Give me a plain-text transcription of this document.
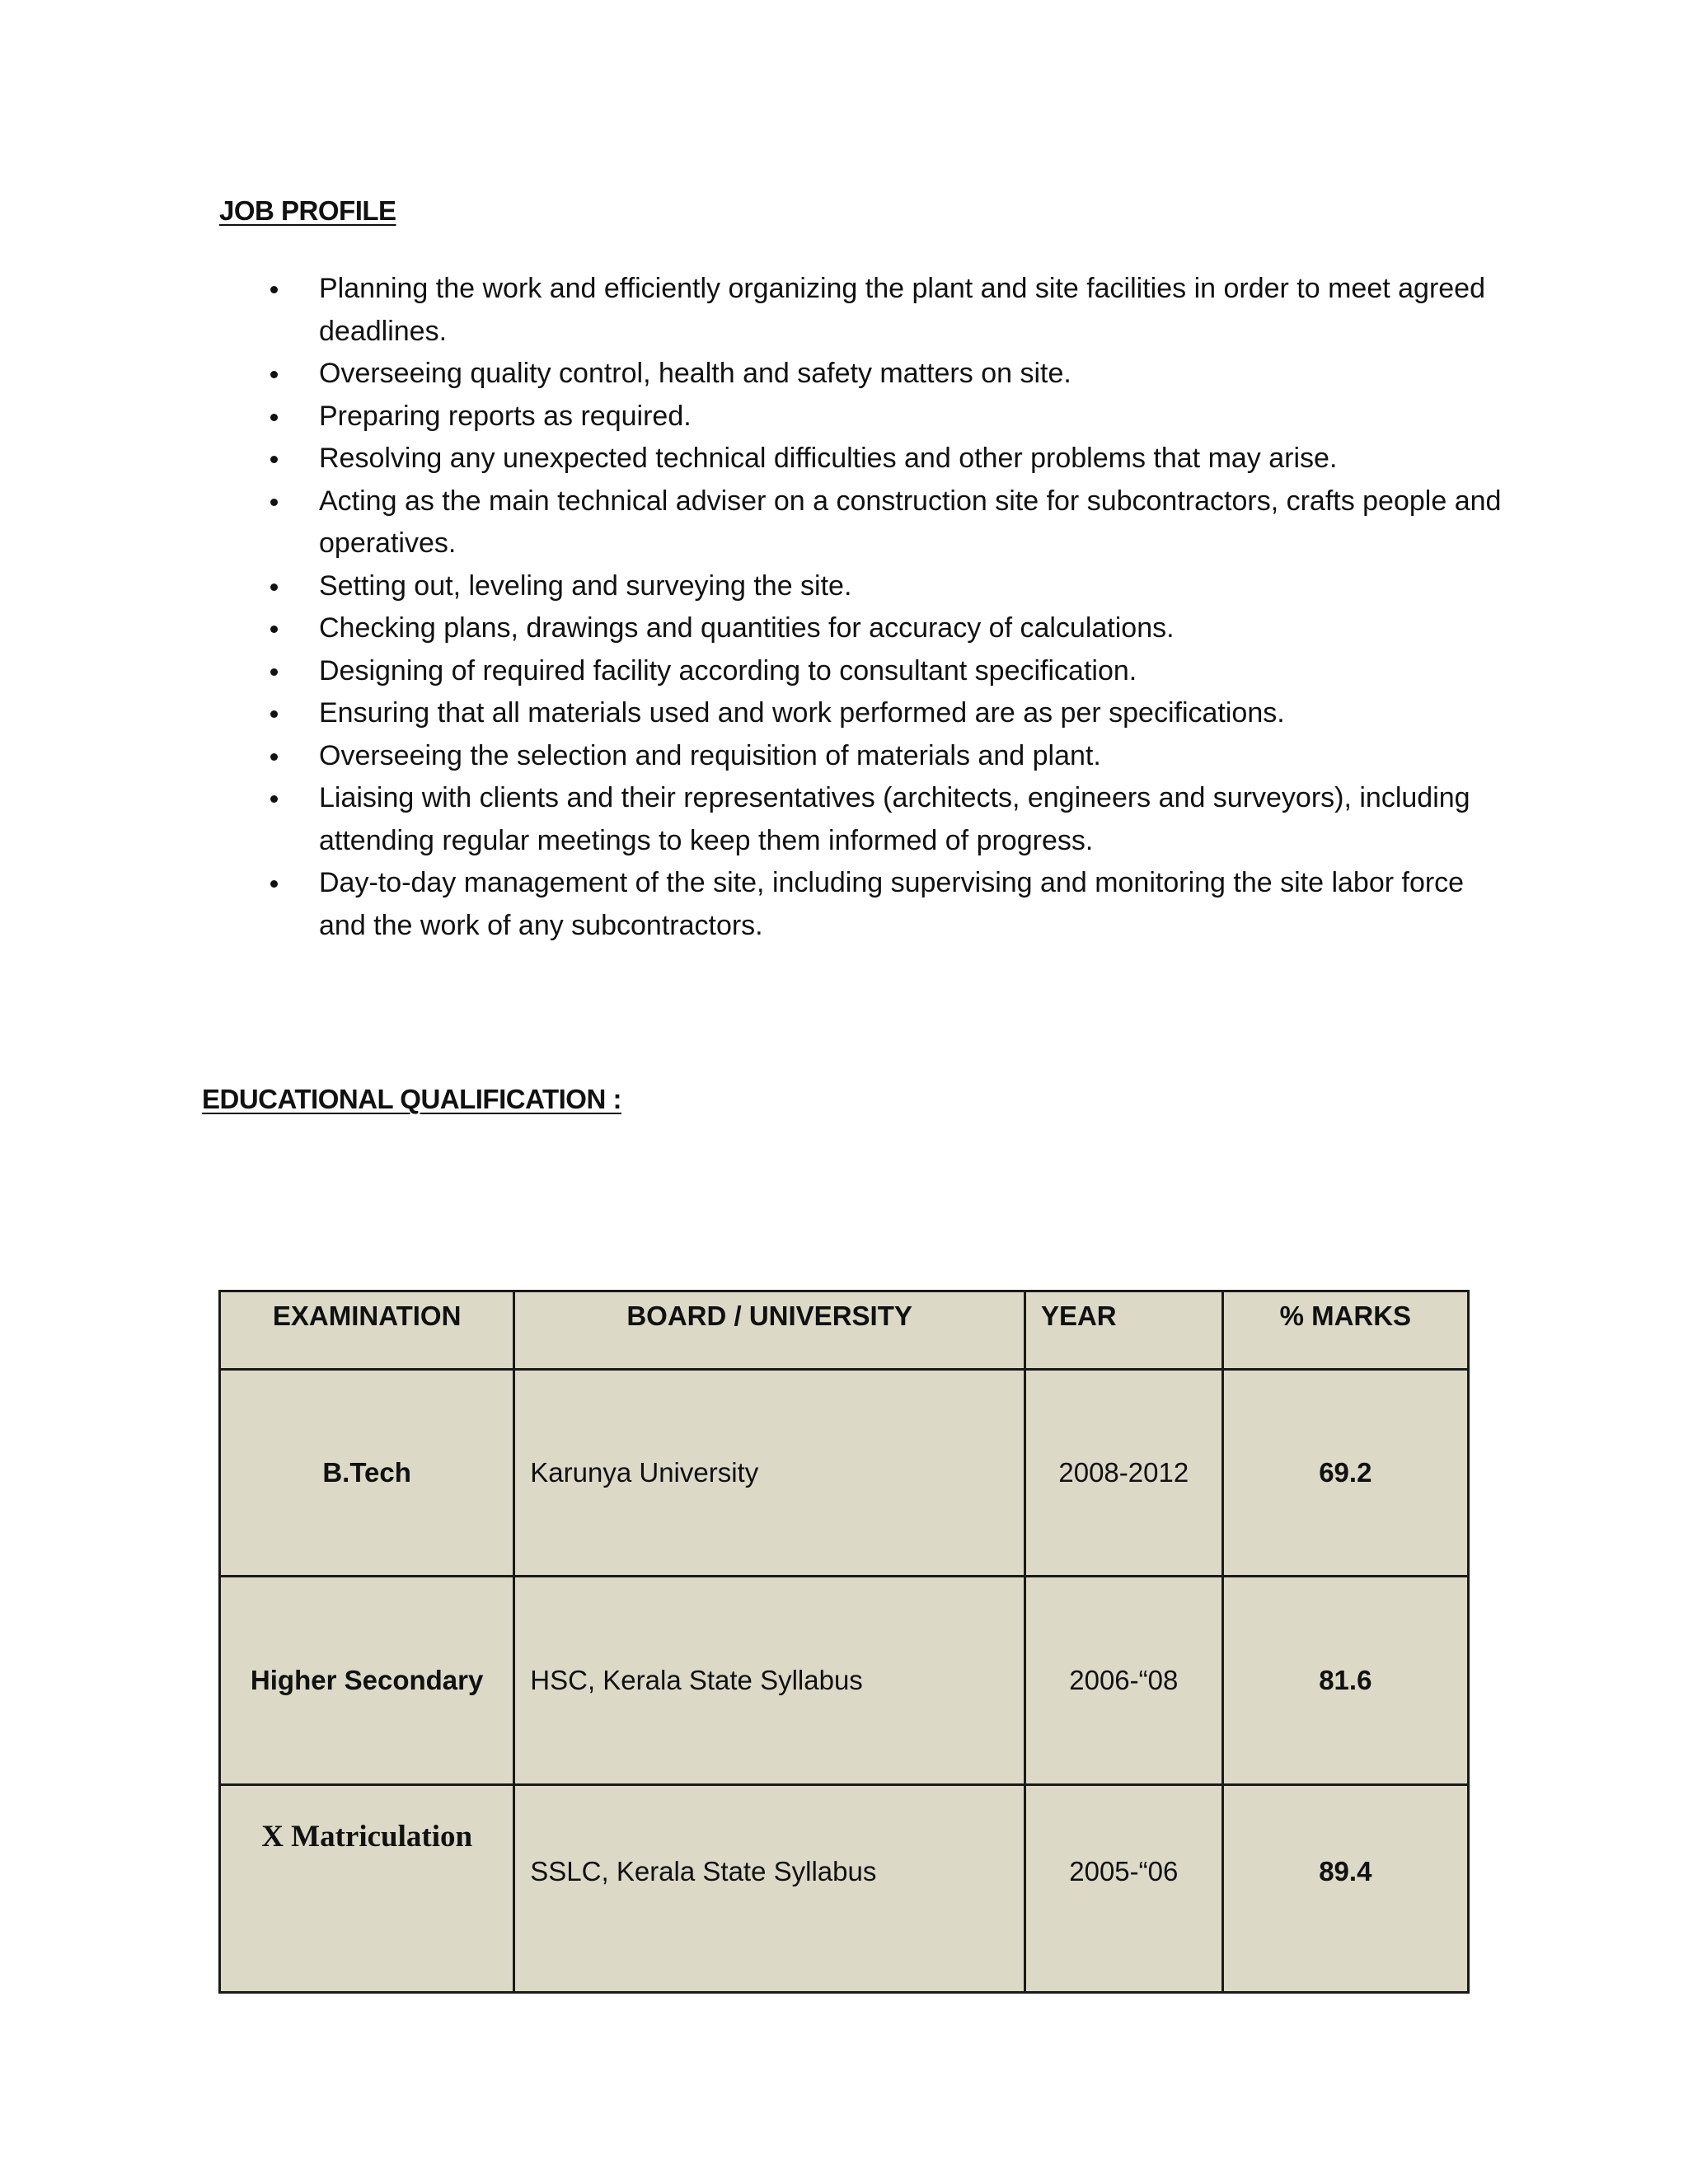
JOB PROFILE
Planning the work and efficiently organizing the plant and site facilities in order to meet agreed deadlines.
Overseeing quality control, health and safety matters on site.
Preparing reports as required.
Resolving any unexpected technical difficulties and other problems that may arise.
Acting as the main technical adviser on a construction site for subcontractors, crafts people and operatives.
Setting out, leveling and surveying the site.
Checking plans, drawings and quantities for accuracy of calculations.
Designing of required facility according to consultant specification.
Ensuring that all materials used and work performed are as per specifications.
Overseeing the selection and requisition of materials and plant.
Liaising with clients and their representatives (architects, engineers and surveyors), including attending regular meetings to keep them informed of progress.
Day-to-day management of the site, including supervising and monitoring the site labor force and the work of any subcontractors.
EDUCATIONAL QUALIFICATION :
EXAMINATION	BOARD / UNIVERSITY	YEAR	% MARKS
B.Tech	Karunya University	2008-2012	69.2
Higher Secondary	HSC, Kerala State Syllabus	2006-“08	81.6
X Matriculation	SSLC, Kerala State Syllabus	2005-“06	89.4
